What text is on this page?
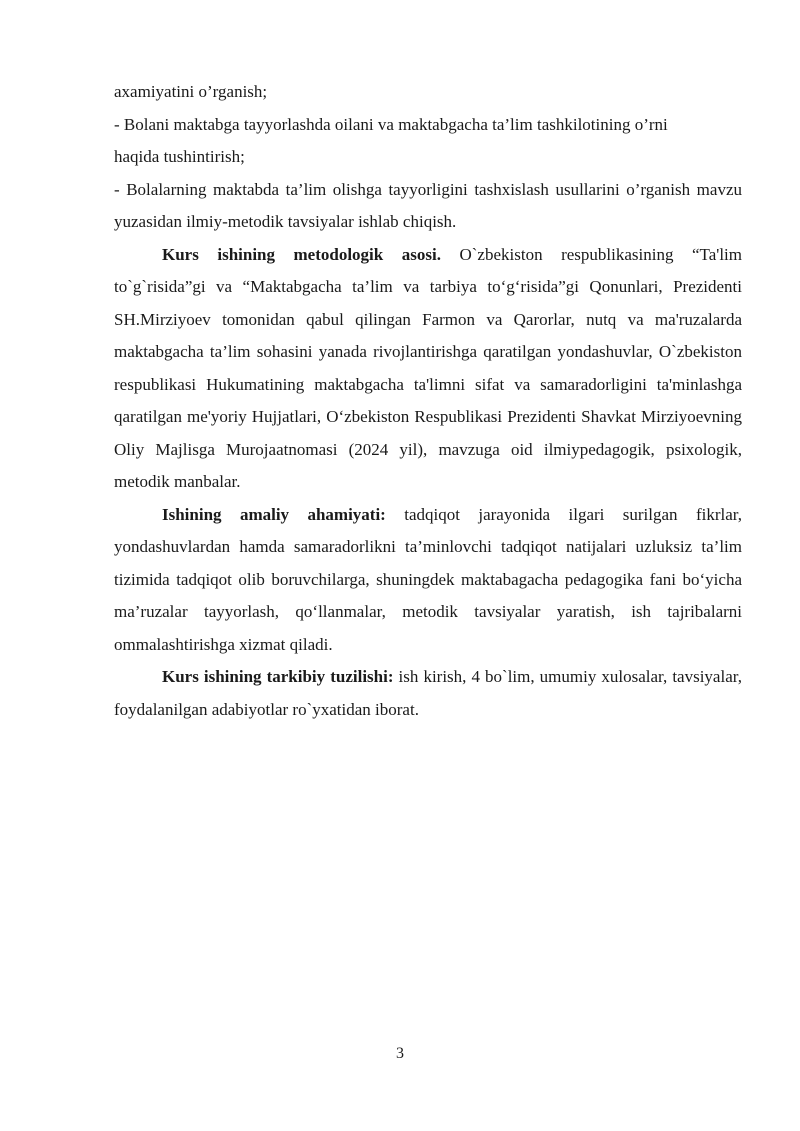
axamiyatini o’rganish;

- Bolani maktabga tayyorlashda oilani va maktabgacha ta’lim tashkilotining o’rni

haqida tushintirish;

- Bolalarning maktabda ta’lim olishga tayyorligini tashxislash usullarini o’rganish mavzu yuzasidan ilmiy-metodik tavsiyalar ishlab chiqish.

Kurs ishining metodologik asosi. O`zbekiston respublikasining “Ta'lim to`g`risida”gi va “Maktabgacha ta’lim va tarbiya to‘g‘risida”gi Qonunlari, Prezidenti SH.Mirziyoev tomonidan qabul qilingan Farmon va Qarorlar, nutq va ma'ruzalarda maktabgacha ta’lim sohasini yanada rivojlantirishga qaratilgan yondashuvlar, O`zbekiston respublikasi Hukumatining maktabgacha ta'limni sifat va samaradorligini ta'minlashga qaratilgan me'yoriy Hujjatlari, O‘zbekiston Respublikasi Prezidenti Shavkat Mirziyoevning Oliy Majlisga Murojaatnomasi (2024 yil), mavzuga oid ilmiypedagogik, psixologik, metodik manbalar.

Ishining amaliy ahamiyati: tadqiqot jarayonida ilgari surilgan fikrlar, yondashuvlardan hamda samaradorlikni ta’minlovchi tadqiqot natijalari uzluksiz ta’lim tizimida tadqiqot olib boruvchilarga, shuningdek maktabagacha pedagogika fani bo‘yicha ma’ruzalar tayyorlash, qo‘llanmalar, metodik tavsiyalar yaratish, ish tajribalarni ommalashtirishga xizmat qiladi.

Kurs ishining tarkibiy tuzilishi: ish kirish, 4 bo`lim, umumiy xulosalar, tavsiyalar, foydalanilgan adabiyotlar ro`yxatidan iborat.

3
